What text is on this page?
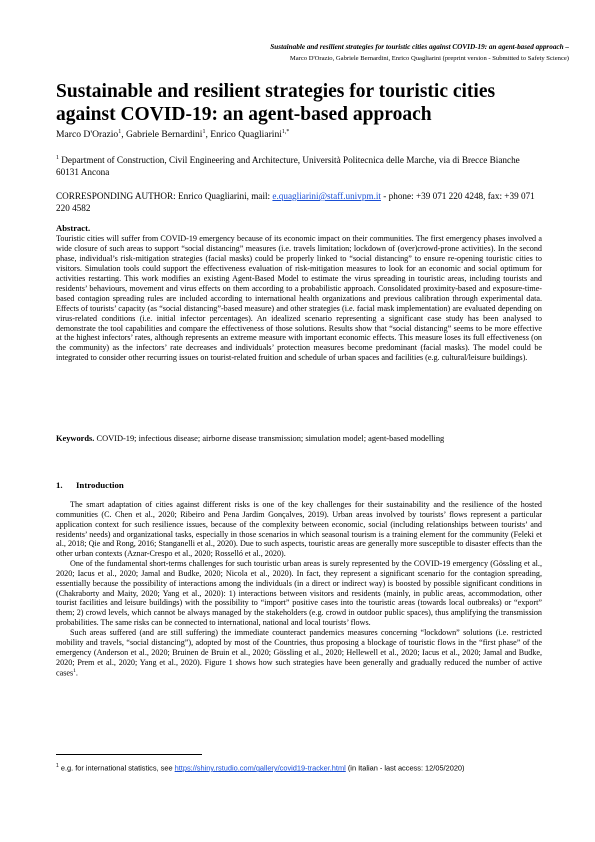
Sustainable and resilient strategies for touristic cities against COVID-19: an agent-based approach –
Marco D'Orazio, Gabriele Bernardini, Enrico Quagliarini (preprint version - Submitted to Safety Science)
Sustainable and resilient strategies for touristic cities against COVID-19: an agent-based approach
Marco D'Orazio$^1$, Gabriele Bernardini$^1$, Enrico Quagliarini$^{1,*}$
$^1$ Department of Construction, Civil Engineering and Architecture, Università Politecnica delle Marche, via di Brecce Bianche 60131 Ancona
CORRESPONDING AUTHOR: Enrico Quagliarini, mail: e.quagliarini@staff.univpm.it - phone: +39 071 220 4248, fax: +39 071 220 4582
Abstract.
Touristic cities will suffer from COVID-19 emergency because of its economic impact on their communities. The first emergency phases involved a wide closure of such areas to support “social distancing” measures (i.e. travels limitation; lockdown of (over)crowd-prone activities). In the second phase, individual’s risk-mitigation strategies (facial masks) could be properly linked to “social distancing” to ensure re-opening touristic cities to visitors. Simulation tools could support the effectiveness evaluation of risk-mitigation measures to look for an economic and social optimum for activities restarting. This work modifies an existing Agent-Based Model to estimate the virus spreading in touristic areas, including tourists and residents’ behaviours, movement and virus effects on them according to a probabilistic approach. Consolidated proximity-based and exposure-time-based contagion spreading rules are included according to international health organizations and previous calibration through experimental data. Effects of tourists’ capacity (as “social distancing”-based measure) and other strategies (i.e. facial mask implementation) are evaluated depending on virus-related conditions (i.e. initial infector percentages). An idealized scenario representing a significant case study has been analysed to demonstrate the tool capabilities and compare the effectiveness of those solutions. Results show that “social distancing” seems to be more effective at the highest infectors’ rates, although represents an extreme measure with important economic effects. This measure loses its full effectiveness (on the community) as the infectors’ rate decreases and individuals’ protection measures become predominant (facial masks). The model could be integrated to consider other recurring issues on tourist-related fruition and schedule of urban spaces and facilities (e.g. cultural/leisure buildings).
Keywords. COVID-19; infectious disease; airborne disease transmission; simulation model; agent-based modelling
1. Introduction

The smart adaptation of cities against different risks is one of the key challenges for their sustainability and the resilience of the hosted communities (C. Chen et al., 2020; Ribeiro and Pena Jardim Gonçalves, 2019). Urban areas involved by tourists’ flows represent a particular application context for such resilience issues, because of the complexity between economic, social (including relationships between tourists’ and residents’ needs) and organizational tasks, especially in those scenarios in which seasonal tourism is a training element for the community (Feleki et al., 2018; Qie and Rong, 2016; Stanganelli et al., 2020). Due to such aspects, touristic areas are generally more susceptible to disaster effects than the other urban contexts (Aznar-Crespo et al., 2020; Rosselló et al., 2020).

One of the fundamental short-terms challenges for such touristic urban areas is surely represented by the COVID-19 emergency (Gössling et al., 2020; Iacus et al., 2020; Jamal and Budke, 2020; Nicola et al., 2020). In fact, they represent a significant scenario for the contagion spreading, essentially because the possibility of interactions among the individuals (in a direct or indirect way) is boosted by possible significant conditions in (Chakraborty and Maity, 2020; Yang et al., 2020): 1) interactions between visitors and residents (mainly, in public areas, accommodation, other tourist facilities and leisure buildings) with the possibility to “import” positive cases into the touristic areas (towards local outbreaks) or “export” them; 2) crowd levels, which cannot be always managed by the stakeholders (e.g. crowd in outdoor public spaces), thus amplifying the transmission probabilities. The same risks can be connected to international, national and local tourists’ flows.

Such areas suffered (and are still suffering) the immediate counteract pandemics measures concerning “lockdown” solutions (i.e. restricted mobility and travels, “social distancing”), adopted by most of the Countries, thus proposing a blockage of touristic flows in the “first phase” of the emergency (Anderson et al., 2020; Bruinen de Bruin et al., 2020; Gössling et al., 2020; Hellewell et al., 2020; Iacus et al., 2020; Jamal and Budke, 2020; Prem et al., 2020; Yang et al., 2020). Figure 1 shows how such strategies have been generally and gradually reduced the number of active cases$^1$.

$^1$ e.g. for international statistics, see https://shiny.rstudio.com/gallery/covid19-tracker.html (in Italian - last access: 12/05/2020)
